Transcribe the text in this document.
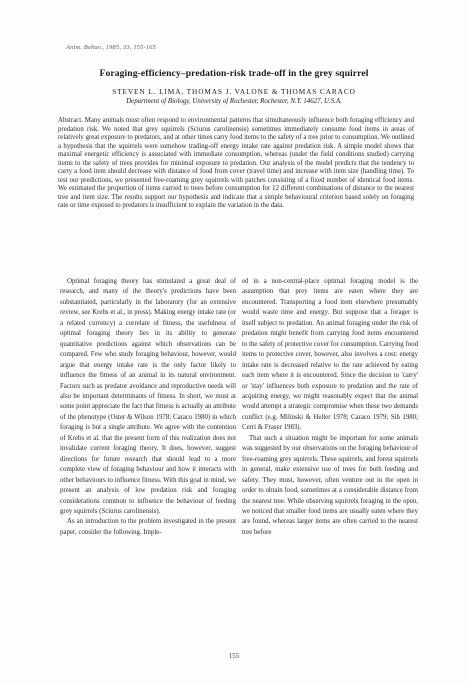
Anim. Behav., 1985, 33, 155-165
Foraging-efficiency–predation-risk trade-off in the grey squirrel
STEVEN L. LIMA, THOMAS J. VALONE & THOMAS CARACO
Department of Biology, University of Rochester, Rochester, N.Y. 14627, U.S.A.
Abstract. Many animals must often respond to environmental patterns that simultaneously influence both foraging efficiency and predation risk. We noted that grey squirrels (Sciurus carolinensis) sometimes immediately consume food items in areas of relatively great exposure to predators, and at other times carry food items to the safety of a tree prior to consumption. We outlined a hypothesis that the squirrels were somehow trading-off energy intake rate against predation risk. A simple model shows that maximal energetic efficiency is associated with immediate consumption, whereas (under the field conditions studied) carrying items to the safety of trees provides for minimal exposure to predation. Our analysis of the model predicts that the tendency to carry a food item should decrease with distance of food from cover (travel time) and increase with item size (handling time). To test our predictions, we presented free-roaming grey squirrels with patches consisting of a fixed number of identical food items. We estimated the proportion of items carried to trees before consumption for 12 different combinations of distance to the nearest tree and item size. The results support our hypothesis and indicate that a simple behavioural criterion based solely on foraging rate or time exposed to predators is insufficient to explain the variation in the data.

Optimal foraging theory has stimulated a great deal of research, and many of the theory's predictions have been substantiated, particularly in the laboratory (for an extensive review, see Krebs et al., in press). Making energy intake rate (or a related currency) a correlate of fitness, the usefulness of optimal foraging theory lies in its ability to generate quantitative predictions against which observations can be compared. Few who study foraging behaviour, however, would argue that energy intake rate is the only factor likely to influence the fitness of an animal in its natural environment. Factors such as predator avoidance and reproductive needs will also be important determinants of fitness. In short, we must at some point appreciate the fact that fitness is actually an attribute of the phenotype (Oster & Wilson 1978; Caraco 1980) in which foraging is but a single attribute. We agree with the contention of Krebs et al. that the present form of this realization does not invalidate current foraging theory. It does, however, suggest directions for future research that should lead to a more complete view of foraging behaviour and how it interacts with other behaviours to influence fitness. With this goal in mind, we present an analysis of low predation risk and foraging considerations common to influence the behaviour of feeding grey squirrels (Sciurus carolinensis).

As an introduction to the problem investigated in the present paper, consider the following. Imple-

ed in a non-central-place optimal foraging model is the assumption that prey items are eaten where they are encountered. Transporting a food item elsewhere presumably would waste time and energy. But suppose that a forager is itself subject to predation. An animal foraging under the risk of predation might benefit from carrying food items encountered to the safety of protective cover for consumption. Carrying food items to protective cover, however, also involves a cost: energy intake rate is decreased relative to the rate achieved by eating each item where it is encountered. Since the decision to 'carry' or 'stay' influences both exposure to predation and the rate of acquiring energy, we might reasonably expect that the animal would attempt a strategic compromise when these two demands conflict (e.g. Milinski & Heller 1978; Caraco 1979; Sih 1980; Cerri & Fraser 1983).

That such a situation might be important for some animals was suggested by our observations on the foraging behaviour of free-roaming grey squirrels. These squirrels, and forest squirrels in general, make extensive use of trees for both feeding and safety. They must, however, often venture out in the open in order to obtain food, sometimes at a considerable distance from the nearest tree. While observing squirrels foraging in the open, we noticed that smaller food items are usually eaten where they are found, whereas larger items are often carried to the nearest tree before

155
